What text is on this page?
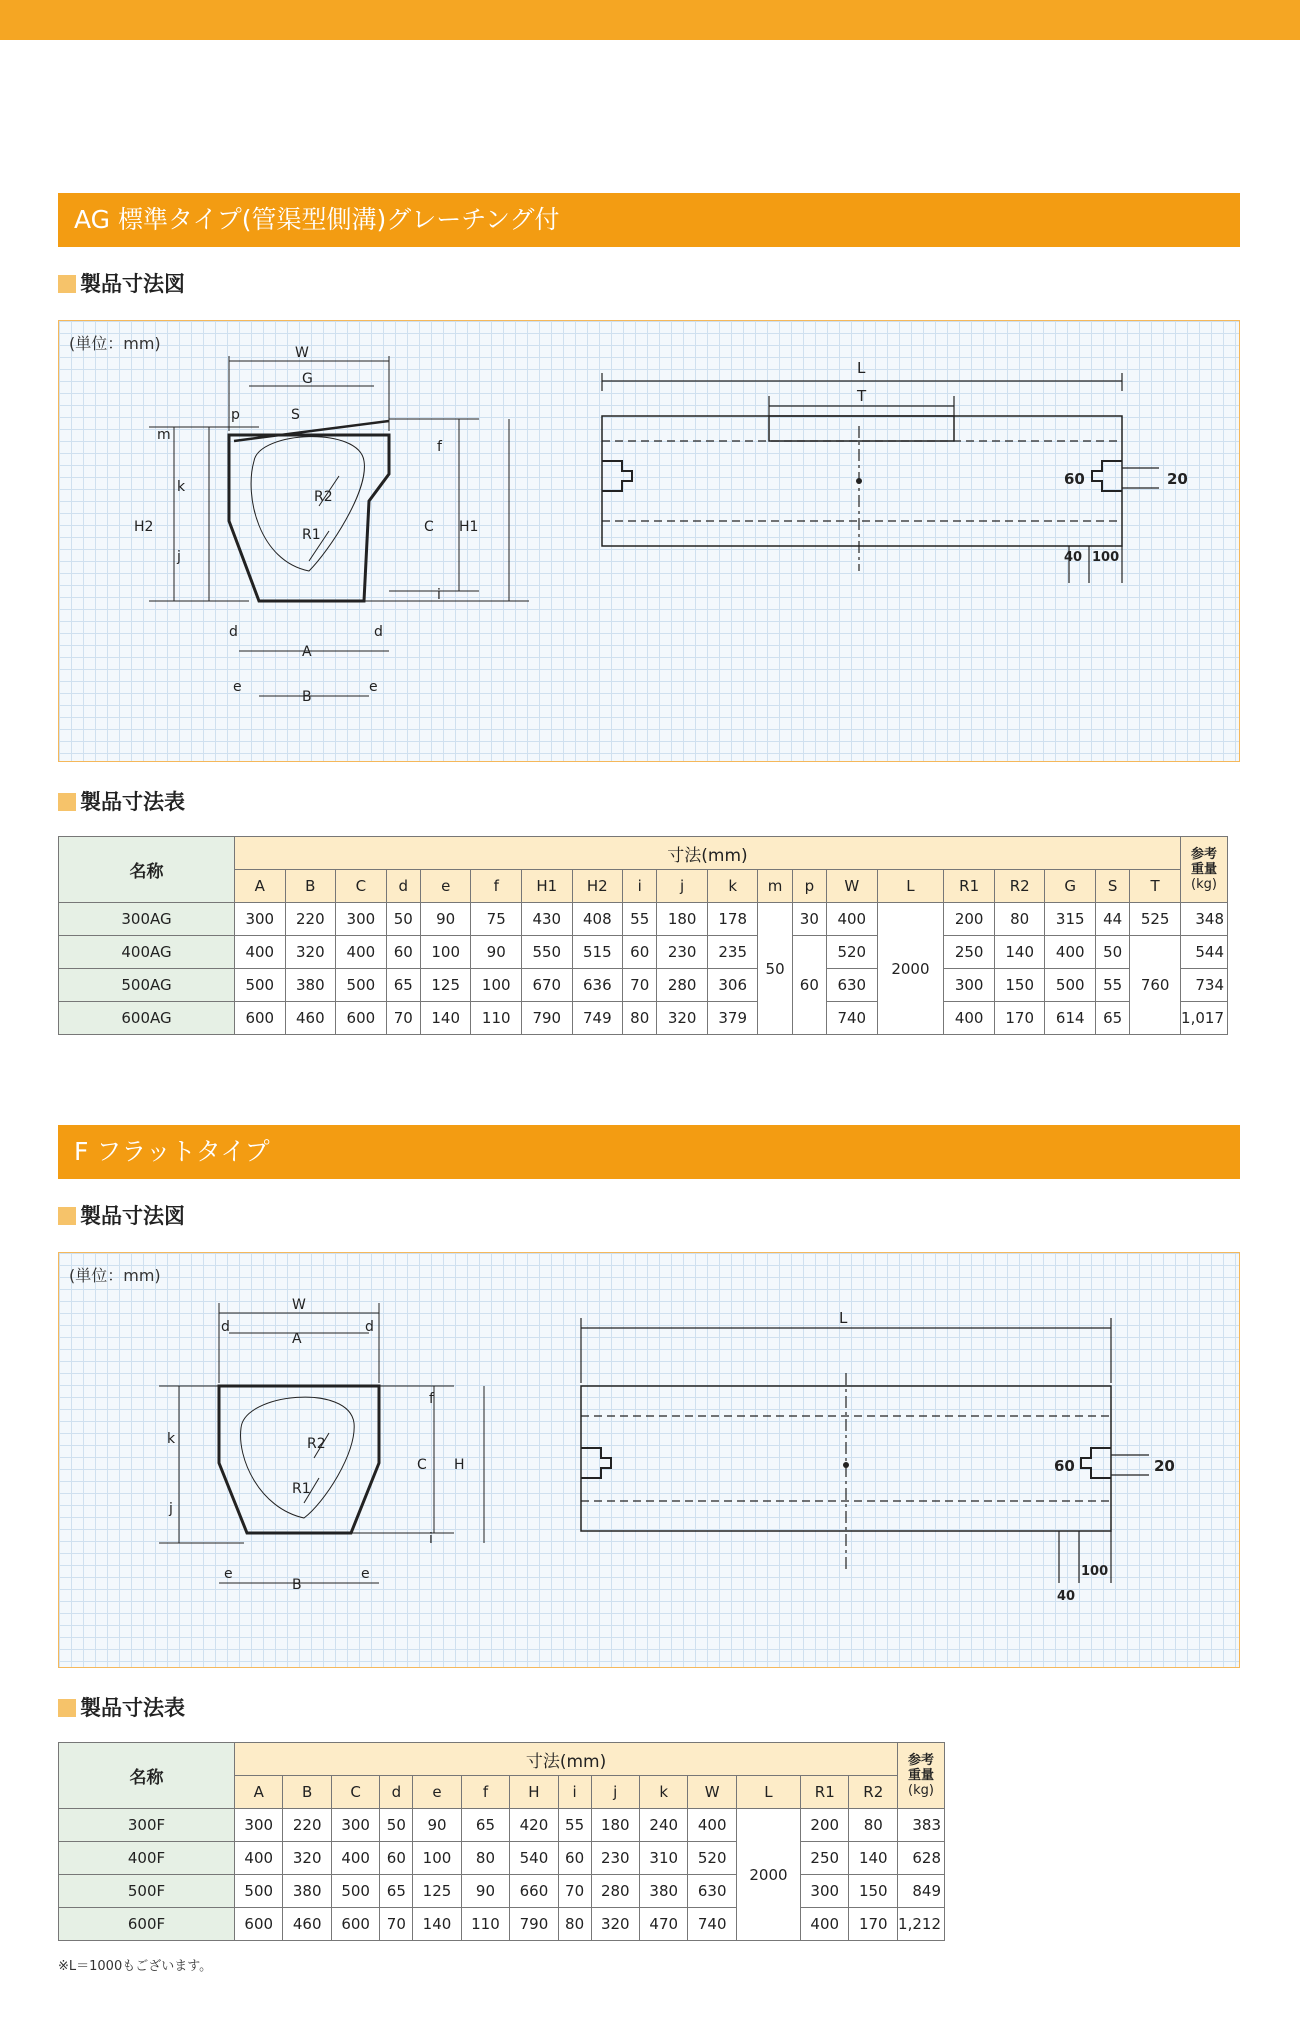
AG 標準タイプ(管渠型側溝)グレーチング付
製品寸法図
(単位：mm)	W
G
S
p
m
k
j
H2
f
C H1
i
R1
R2
d	d
A
e	e
B
L
T
60	20
40 100
製品寸法表
名称	寸法(mm)																				参考
重量
(kg)
	A	B	C	d	e	f	H1	H2	i	j	k	m	p	W	L	R1	R2	G	S	T	
300AG	300	220	300	50	90	75	430	408	55	180	178	50	30	400	2000	200	80	315	44	525	348
400AG	400	320	400	60	100	90	550	515	60	230	235		60	520		250	140	400	50	760	544
500AG	500	380	500	65	125	100	670	636	70	280	306			630		300	150	500	55		734
600AG	600	460	600	70	140	110	790	749	80	320	379			740		400	170	614	65		1,017
F フラットタイプ
製品寸法図
(単位：mm)
W
A
d	d
k
j
f
C H
i
R1
R2
e	e
B
L
60	20
100
40
製品寸法表
名称	寸法(mm)														参考
重量
(kg)
	A	B	C	d	e	f	H	i	j	k	W	L	R1	R2	
300F	300	220	300	50	90	65	420	55	180	240	400	2000	200	80	383
400F	400	320	400	60	100	80	540	60	230	310	520		250	140	628
500F	500	380	500	65	125	90	660	70	280	380	630		300	150	849
600F	600	460	600	70	140	110	790	80	320	470	740		400	170	1,212
※L＝1000もございます。
